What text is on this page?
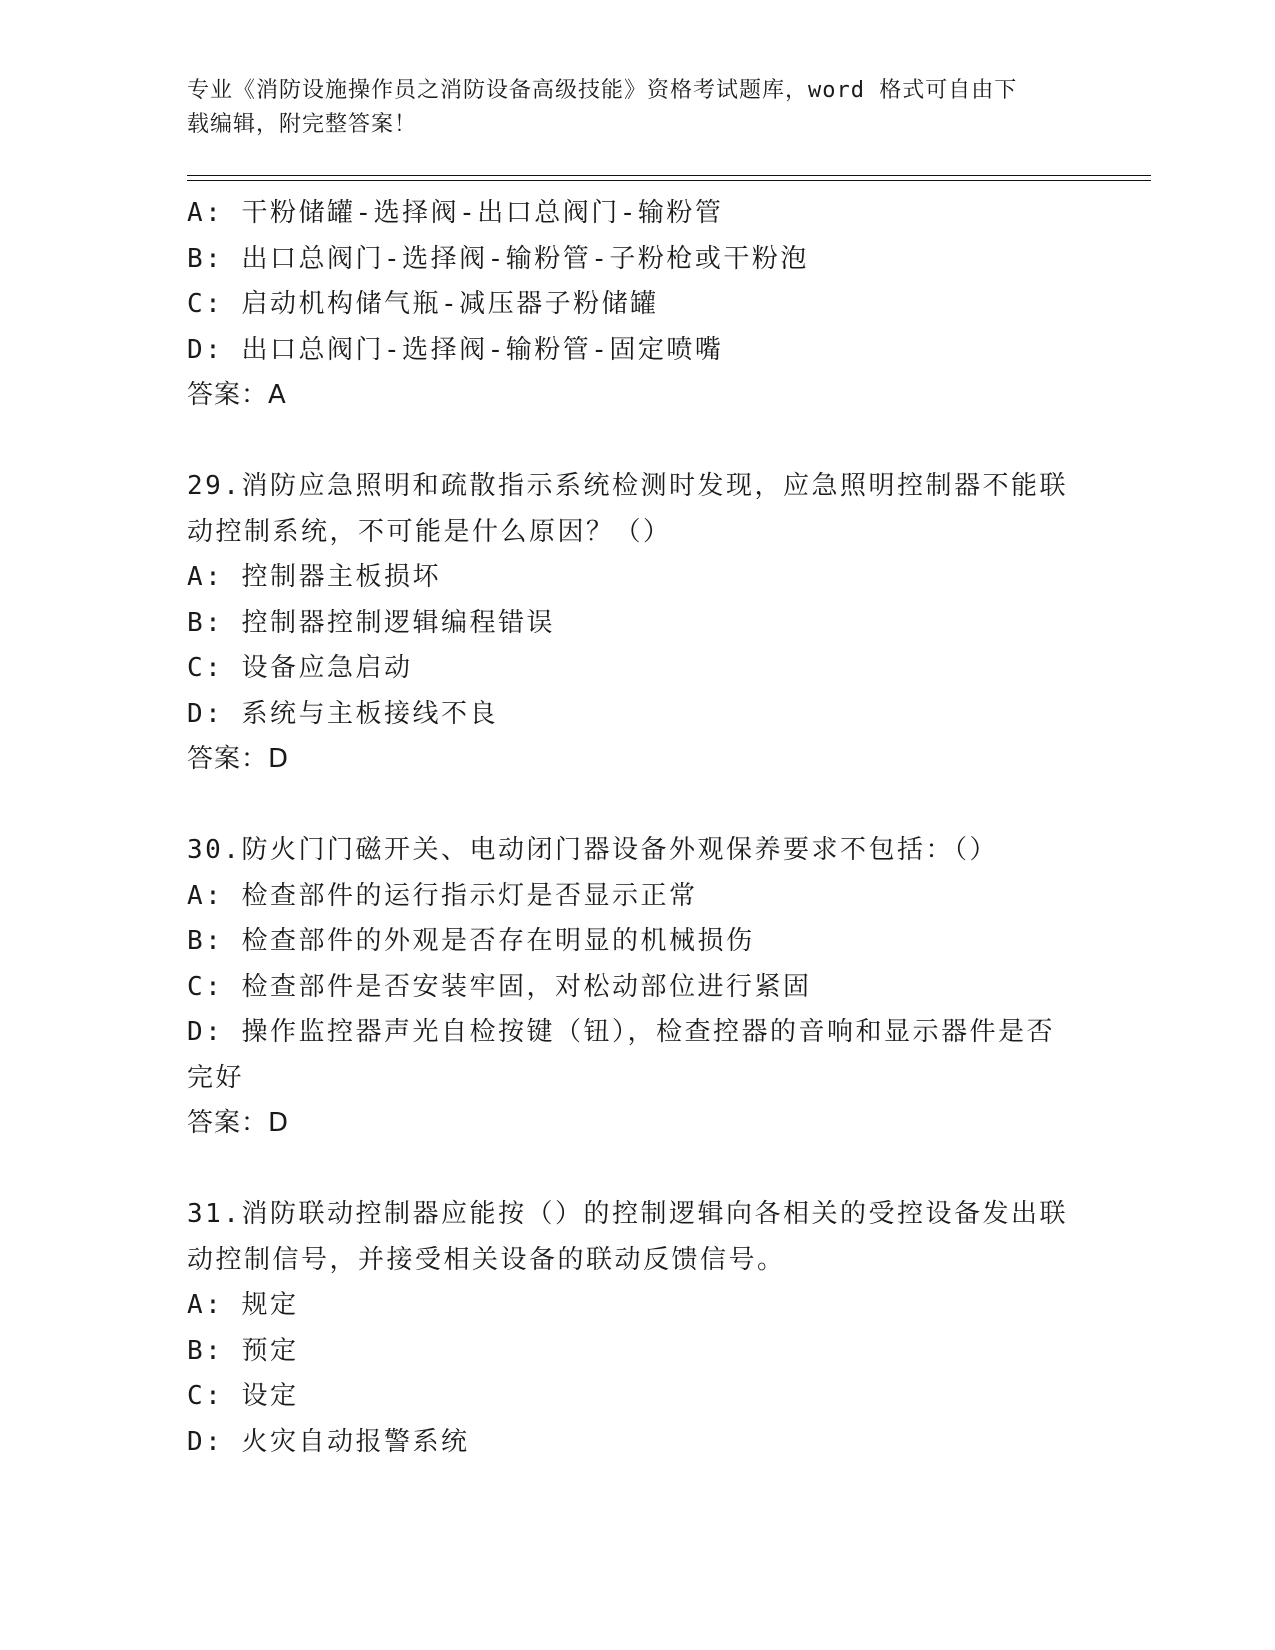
专业《消防设施操作员之消防设备高级技能》资格考试题库，word 格式可自由下
载编辑，附完整答案！
A: 干粉储罐-选择阀-出口总阀门-输粉管
B: 出口总阀门-选择阀-输粉管-子粉枪或干粉泡
C: 启动机构储气瓶-减压器子粉储罐
D: 出口总阀门-选择阀-输粉管-固定喷嘴
答案：A
29.消防应急照明和疏散指示系统检测时发现，应急照明控制器不能联
动控制系统，不可能是什么原因？（）
A: 控制器主板损坏
B: 控制器控制逻辑编程错误
C: 设备应急启动
D: 系统与主板接线不良
答案：D
30.防火门门磁开关、电动闭门器设备外观保养要求不包括：（）
A: 检查部件的运行指示灯是否显示正常
B: 检查部件的外观是否存在明显的机械损伤
C: 检查部件是否安装牢固，对松动部位进行紧固
D: 操作监控器声光自检按键（钮），检查控器的音响和显示器件是否
完好
答案：D
31.消防联动控制器应能按（）的控制逻辑向各相关的受控设备发出联
动控制信号，并接受相关设备的联动反馈信号。
A: 规定
B: 预定
C: 设定
D: 火灾自动报警系统
